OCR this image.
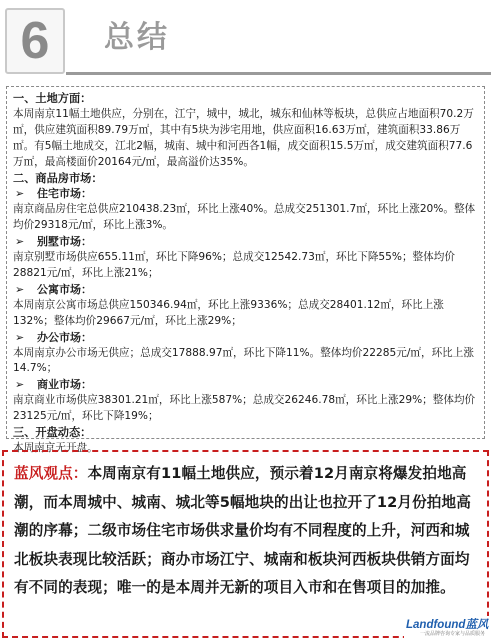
6	总结

一、土地方面：

本周南京11幅土地供应，分别在，江宁，城中，城北，城东和仙林等板块，总供应占地面积70.2万㎡，供应建筑面积89.79万㎡，其中有5块为涉宅用地，供应面积16.63万㎡，建筑面积33.86万㎡。有5幅土地成交，江北2幅，城南、城中和河西各1幅，成交面积15.5万㎡，成交建筑面积77.6万㎡，最高楼面价20164元/㎡，最高溢价达35%。

二、商品房市场：

➢ 住宅市场：

南京商品房住宅总供应210438.23㎡，环比上涨40%。总成交251301.7㎡，环比上涨20%。整体均价29318元/㎡，环比上涨3%。

➢ 别墅市场：

南京别墅市场供应655.11㎡，环比下降96%；总成交12542.73㎡，环比下降55%；整体均价28821元/㎡，环比上涨21%；

➢ 公寓市场：

本周南京公寓市场总供应150346.94㎡，环比上涨9336%；总成交28401.12㎡，环比上涨132%；整体均价29667元/㎡，环比上涨29%；

➢ 办公市场：

本周南京办公市场无供应；总成交17888.97㎡，环比下降11%。整体均价22285元/㎡，环比上涨14.7%；

➢ 商业市场：

南京商业市场供应38301.21㎡，环比上涨587%；总成交26246.78㎡，环比上涨29%；整体均价23125元/㎡，环比下降19%；

三、开盘动态：

本周南京无开盘。

蓝风观点：本周南京有11幅土地供应，预示着12月南京将爆发拍地高潮，而本周城中、城南、城北等5幅地块的出让也拉开了12月份拍地高潮的序幕；二级市场住宅市场供求量价均有不同程度的上升，河西和城北板块表现比较活跃；商办市场江宁、城南和板块河西板块供销方面均有不同的表现；唯一的是本周并无新的项目入市和在售项目的加推。
Landfound蓝风
一流品牌咨询专家与品质服务
